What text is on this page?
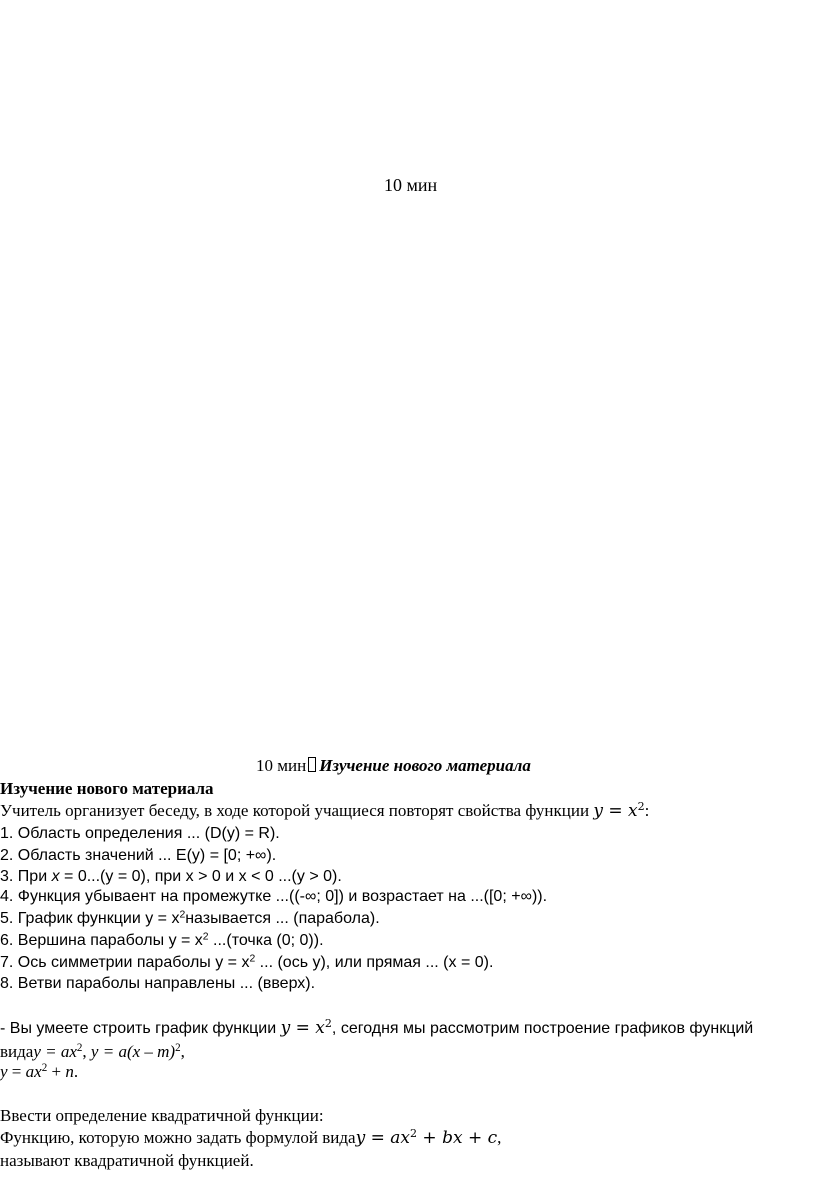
10 мин
10 мин Изучение нового материала
Изучение нового материала
Учитель организует беседу, в ходе которой учащиеся повторят свойства функции $y = x^2$:
1. Область определения ... (D(y) = R).
2. Область значений ... E(y) = [0; +∞).
3. При x = 0...(y = 0), при x > 0 и x < 0 ...(y > 0).
4. Функция убываент на промежутке ...((-∞; 0]) и возрастает на ...([0; +∞)).
5. График функции $y = x^2называется$ ... (парабола).
6. Вершина параболы $y = x^2$ ...(точка (0; 0)).
7. Ось симметрии параболы $y = x^2$ ... (ось y), или прямая ... (x = 0).
8. Ветви параболы направлены ... (вверх).
- Вы умеете строить график функции $y = x^2$, сегодня мы рассмотрим построение графиков функций
видаy = $ax^2$, y = a(x – m)$^2$,
$y = ax^2 + n$.
Ввести определение квадратичной функции:
Функцию, которую можно задать формулой видаy = $ax^2$ + bx + c,
называют квадратичной функцией.
